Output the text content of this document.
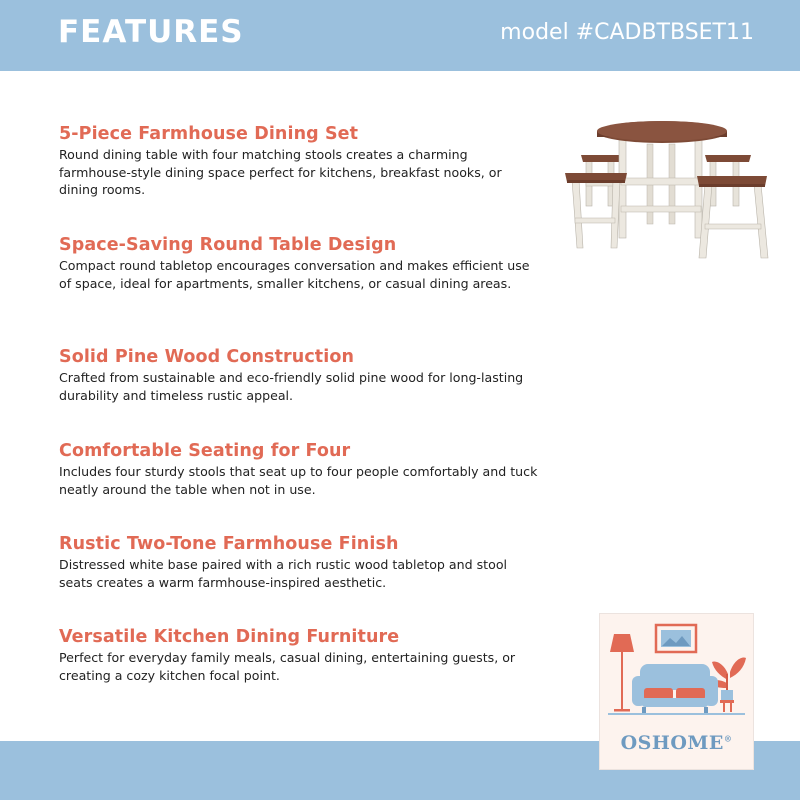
FEATURES	model #CADBTBSET11
5-Piece Farmhouse Dining Set

Round dining table with four matching stools creates a charming farmhouse-style dining space perfect for kitchens, breakfast nooks, or dining rooms.

Space-Saving Round Table Design

Compact round tabletop encourages conversation and makes efficient use of space, ideal for apartments, smaller kitchens, or casual dining areas.

Solid Pine Wood Construction

Crafted from sustainable and eco-friendly solid pine wood for long-lasting durability and timeless rustic appeal.

Comfortable Seating for Four

Includes four sturdy stools that seat up to four people comfortably and tuck neatly around the table when not in use.

Rustic Two-Tone Farmhouse Finish

Distressed white base paired with a rich rustic wood tabletop and stool seats creates a warm farmhouse-inspired aesthetic.

Versatile Kitchen Dining Furniture

Perfect for everyday family meals, casual dining, entertaining guests, or creating a cozy kitchen focal point.

OSHOME®
